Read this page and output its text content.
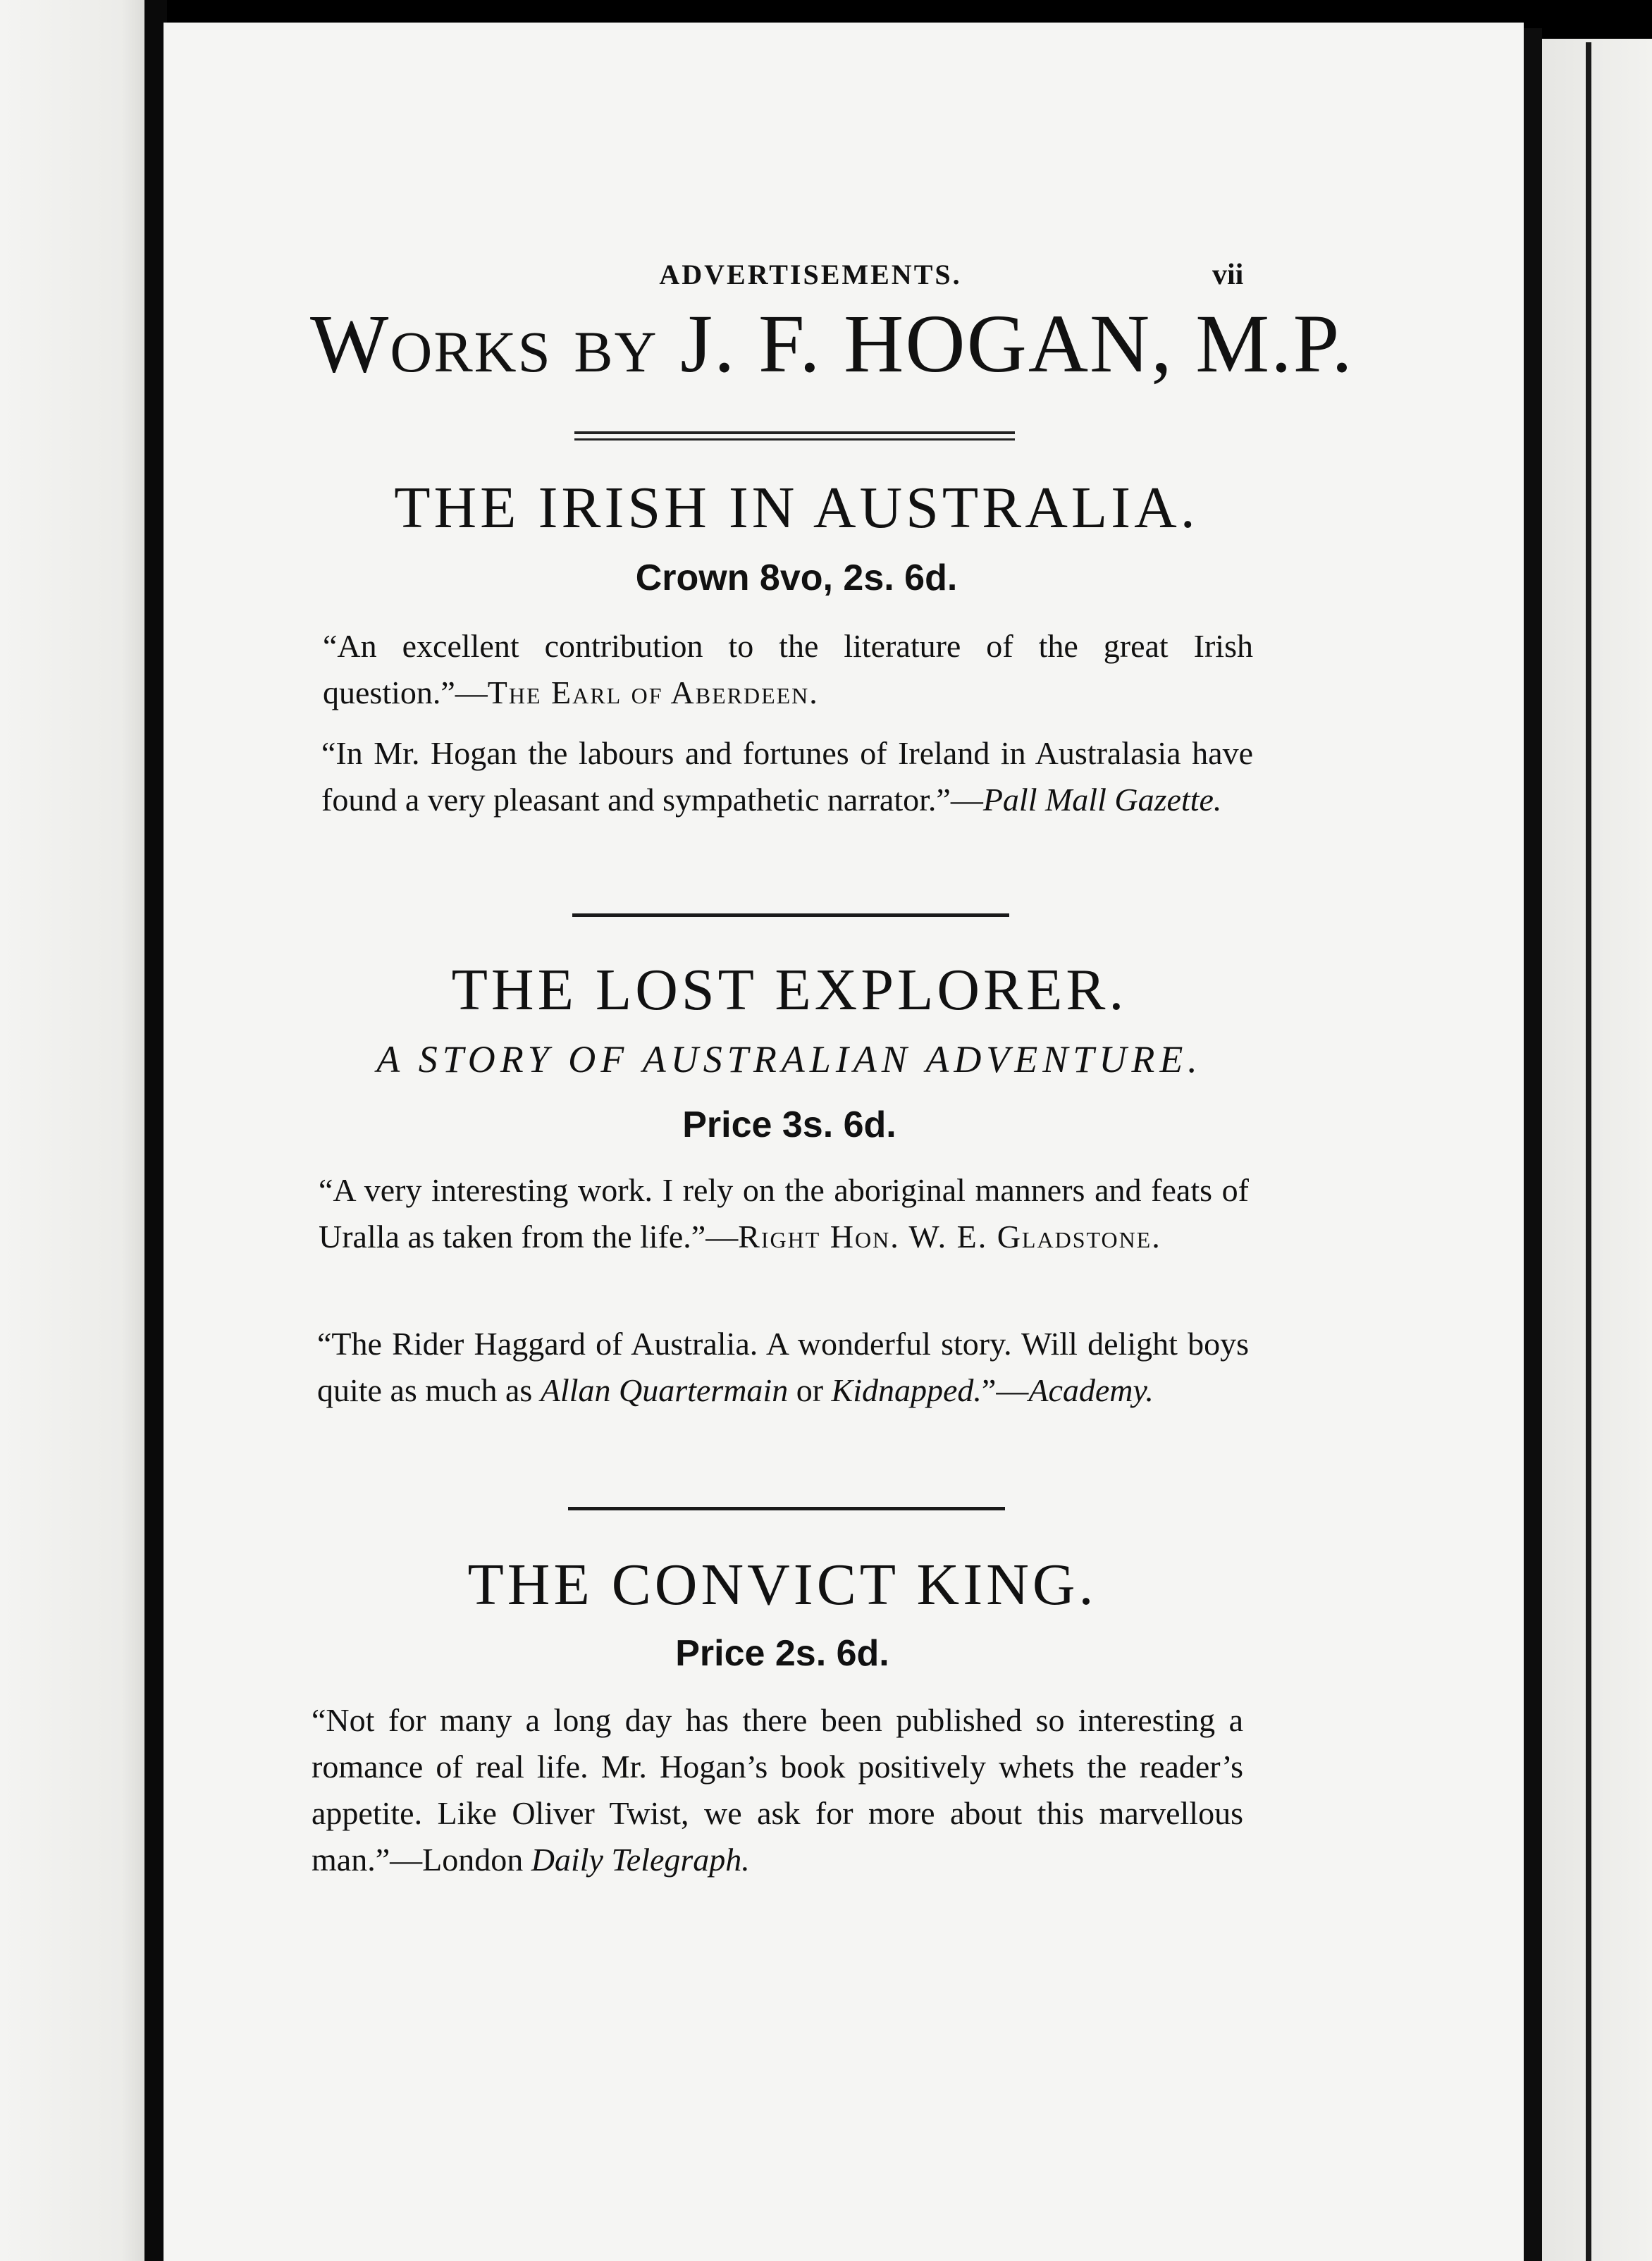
ADVERTISEMENTS.	vii
Works by J. F. HOGAN, M.P.
THE IRISH IN AUSTRALIA.
Crown 8vo, 2s. 6d.
“An excellent contribution to the literature of the great Irish question.”—The Earl of Aberdeen.
“In Mr. Hogan the labours and fortunes of Ireland in Australasia have found a very pleasant and sympathetic narrator.”—Pall Mall Gazette.
THE LOST EXPLORER.
A STORY OF AUSTRALIAN ADVENTURE.
Price 3s. 6d.
“A very interesting work. I rely on the aboriginal manners and feats of Uralla as taken from the life.”—Right Hon. W. E. Gladstone.
“The Rider Haggard of Australia. A wonderful story. Will delight boys quite as much as Allan Quartermain or Kidnapped.”—Academy.
THE CONVICT KING.
Price 2s. 6d.
“Not for many a long day has there been published so interesting a romance of real life. Mr. Hogan’s book positively whets the reader’s appetite. Like Oliver Twist, we ask for more about this marvellous man.”—London Daily Telegraph.
